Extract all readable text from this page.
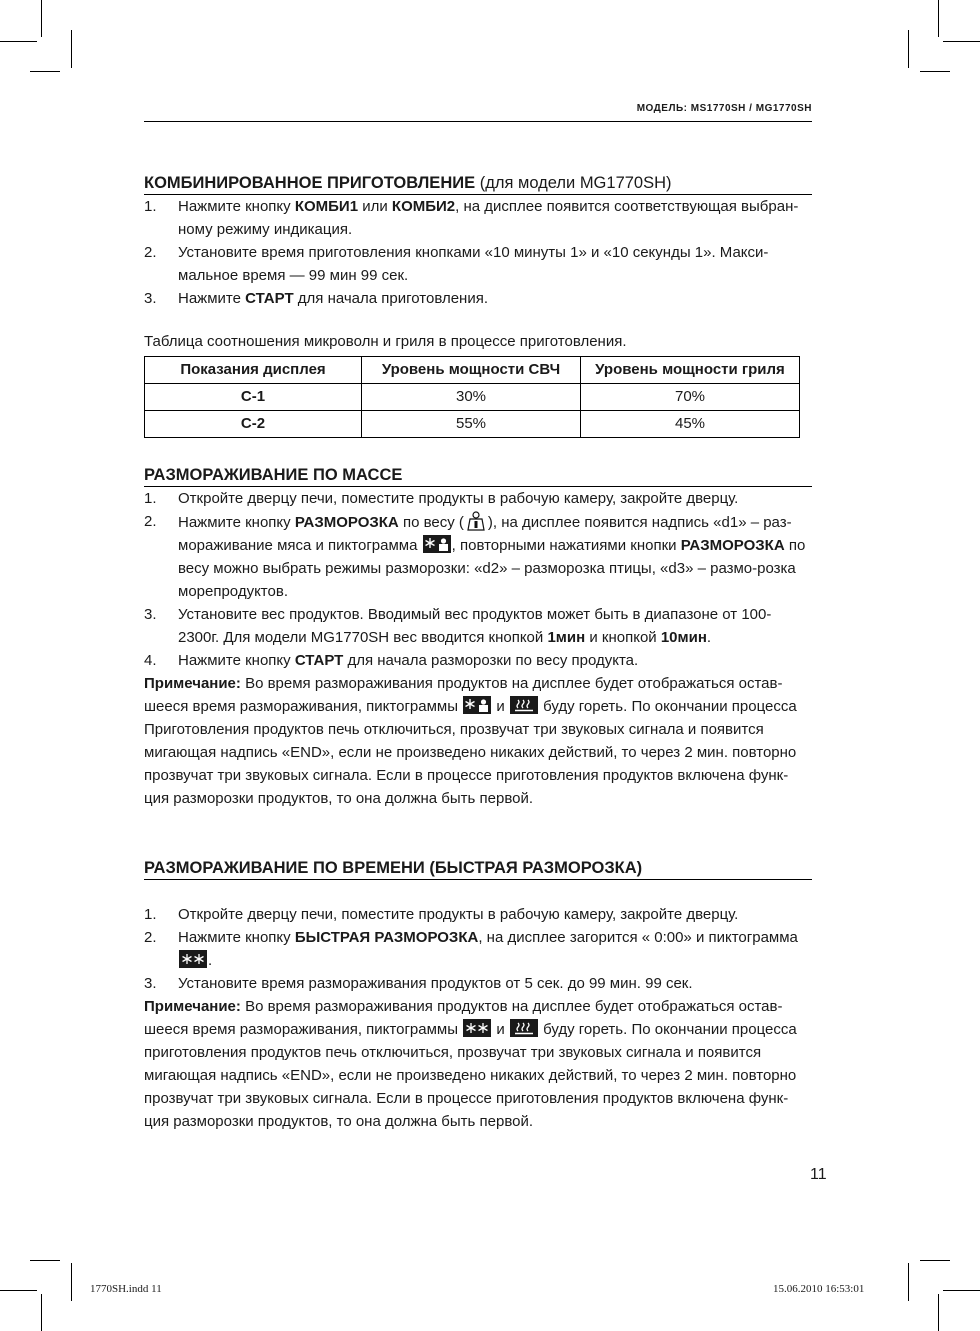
МОДЕЛЬ: MS1770SH / MG1770SH
КОМБИНИРОВАННОЕ ПРИГОТОВЛЕНИЕ (для модели MG1770SH)
1. Нажмите кнопку КОМБИ1 или КОМБИ2, на дисплее появится соответствующая выбран-ному режиму индикация.
2. Установите время приготовления кнопками «10 минуты 1» и «10 секунды 1». Макси-мальное время — 99 мин 99 сек.
3. Нажмите СТАРТ для начала приготовления.
Таблица соотношения микроволн и гриля в процессе приготовления.
Показания дисплея	Уровень мощности СВЧ	Уровень мощности гриля
С-1	30%	70%
С-2	55%	45%
РАЗМОРАЖИВАНИЕ ПО МАССЕ
1. Откройте дверцу печи, поместите продукты в рабочую камеру, закройте дверцу.
2. Нажмите кнопку РАЗМОРОЗКА по весу ( ), на дисплее появится надпись «d1» – раз-мораживание мяса и пиктограмма
, повторными нажатиями кнопки РАЗМОРОЗКА по весу можно выбрать режимы разморозки: «d2» – разморозка птицы, «d3» – размо-розка морепродуктов.
3. Установите вес продуктов. Вводимый вес продуктов может быть в диапазоне от 100-2300г. Для модели MG1770SH вес вводится кнопкой 1мин и кнопкой 10мин.
4. Нажмите кнопку СТАРТ для начала разморозки по весу продукта.
Примечание: Во время размораживания продуктов на дисплее будет отображаться остав-шееся время размораживания, пиктограммы
и
буду гореть. По окончании процесса Приготовления продуктов печь отключиться, прозвучат три звуковых сигнала и появится мигающая надпись «END», если не произведено никаких действий, то через 2 мин. повторно прозвучат три звуковых сигнала. Если в процессе приготовления продуктов включена функ-ция разморозки продуктов, то она должна быть первой.
РАЗМОРАЖИВАНИЕ ПО ВРЕМЕНИ (БЫСТРАЯ РАЗМОРОЗКА)
1. Откройте дверцу печи, поместите продукты в рабочую камеру, закройте дверцу.
2. Нажмите кнопку БЫСТРАЯ РАЗМОРОЗКА, на дисплее загорится « 0:00» и пиктограмма
.
3. Установите время размораживания продуктов от 5 сек. до 99 мин. 99 сек.
Примечание: Во время размораживания продуктов на дисплее будет отображаться остав-шееся время размораживания, пиктограммы
и
буду гореть. По окончании процесса приготовления продуктов печь отключиться, прозвучат три звуковых сигнала и появится мигающая надпись «END», если не произведено никаких действий, то через 2 мин. повторно прозвучат три звуковых сигнала. Если в процессе приготовления продуктов включена функ-ция разморозки продуктов, то она должна быть первой.
11
1770SH.indd 11	15.06.2010 16:53:01
